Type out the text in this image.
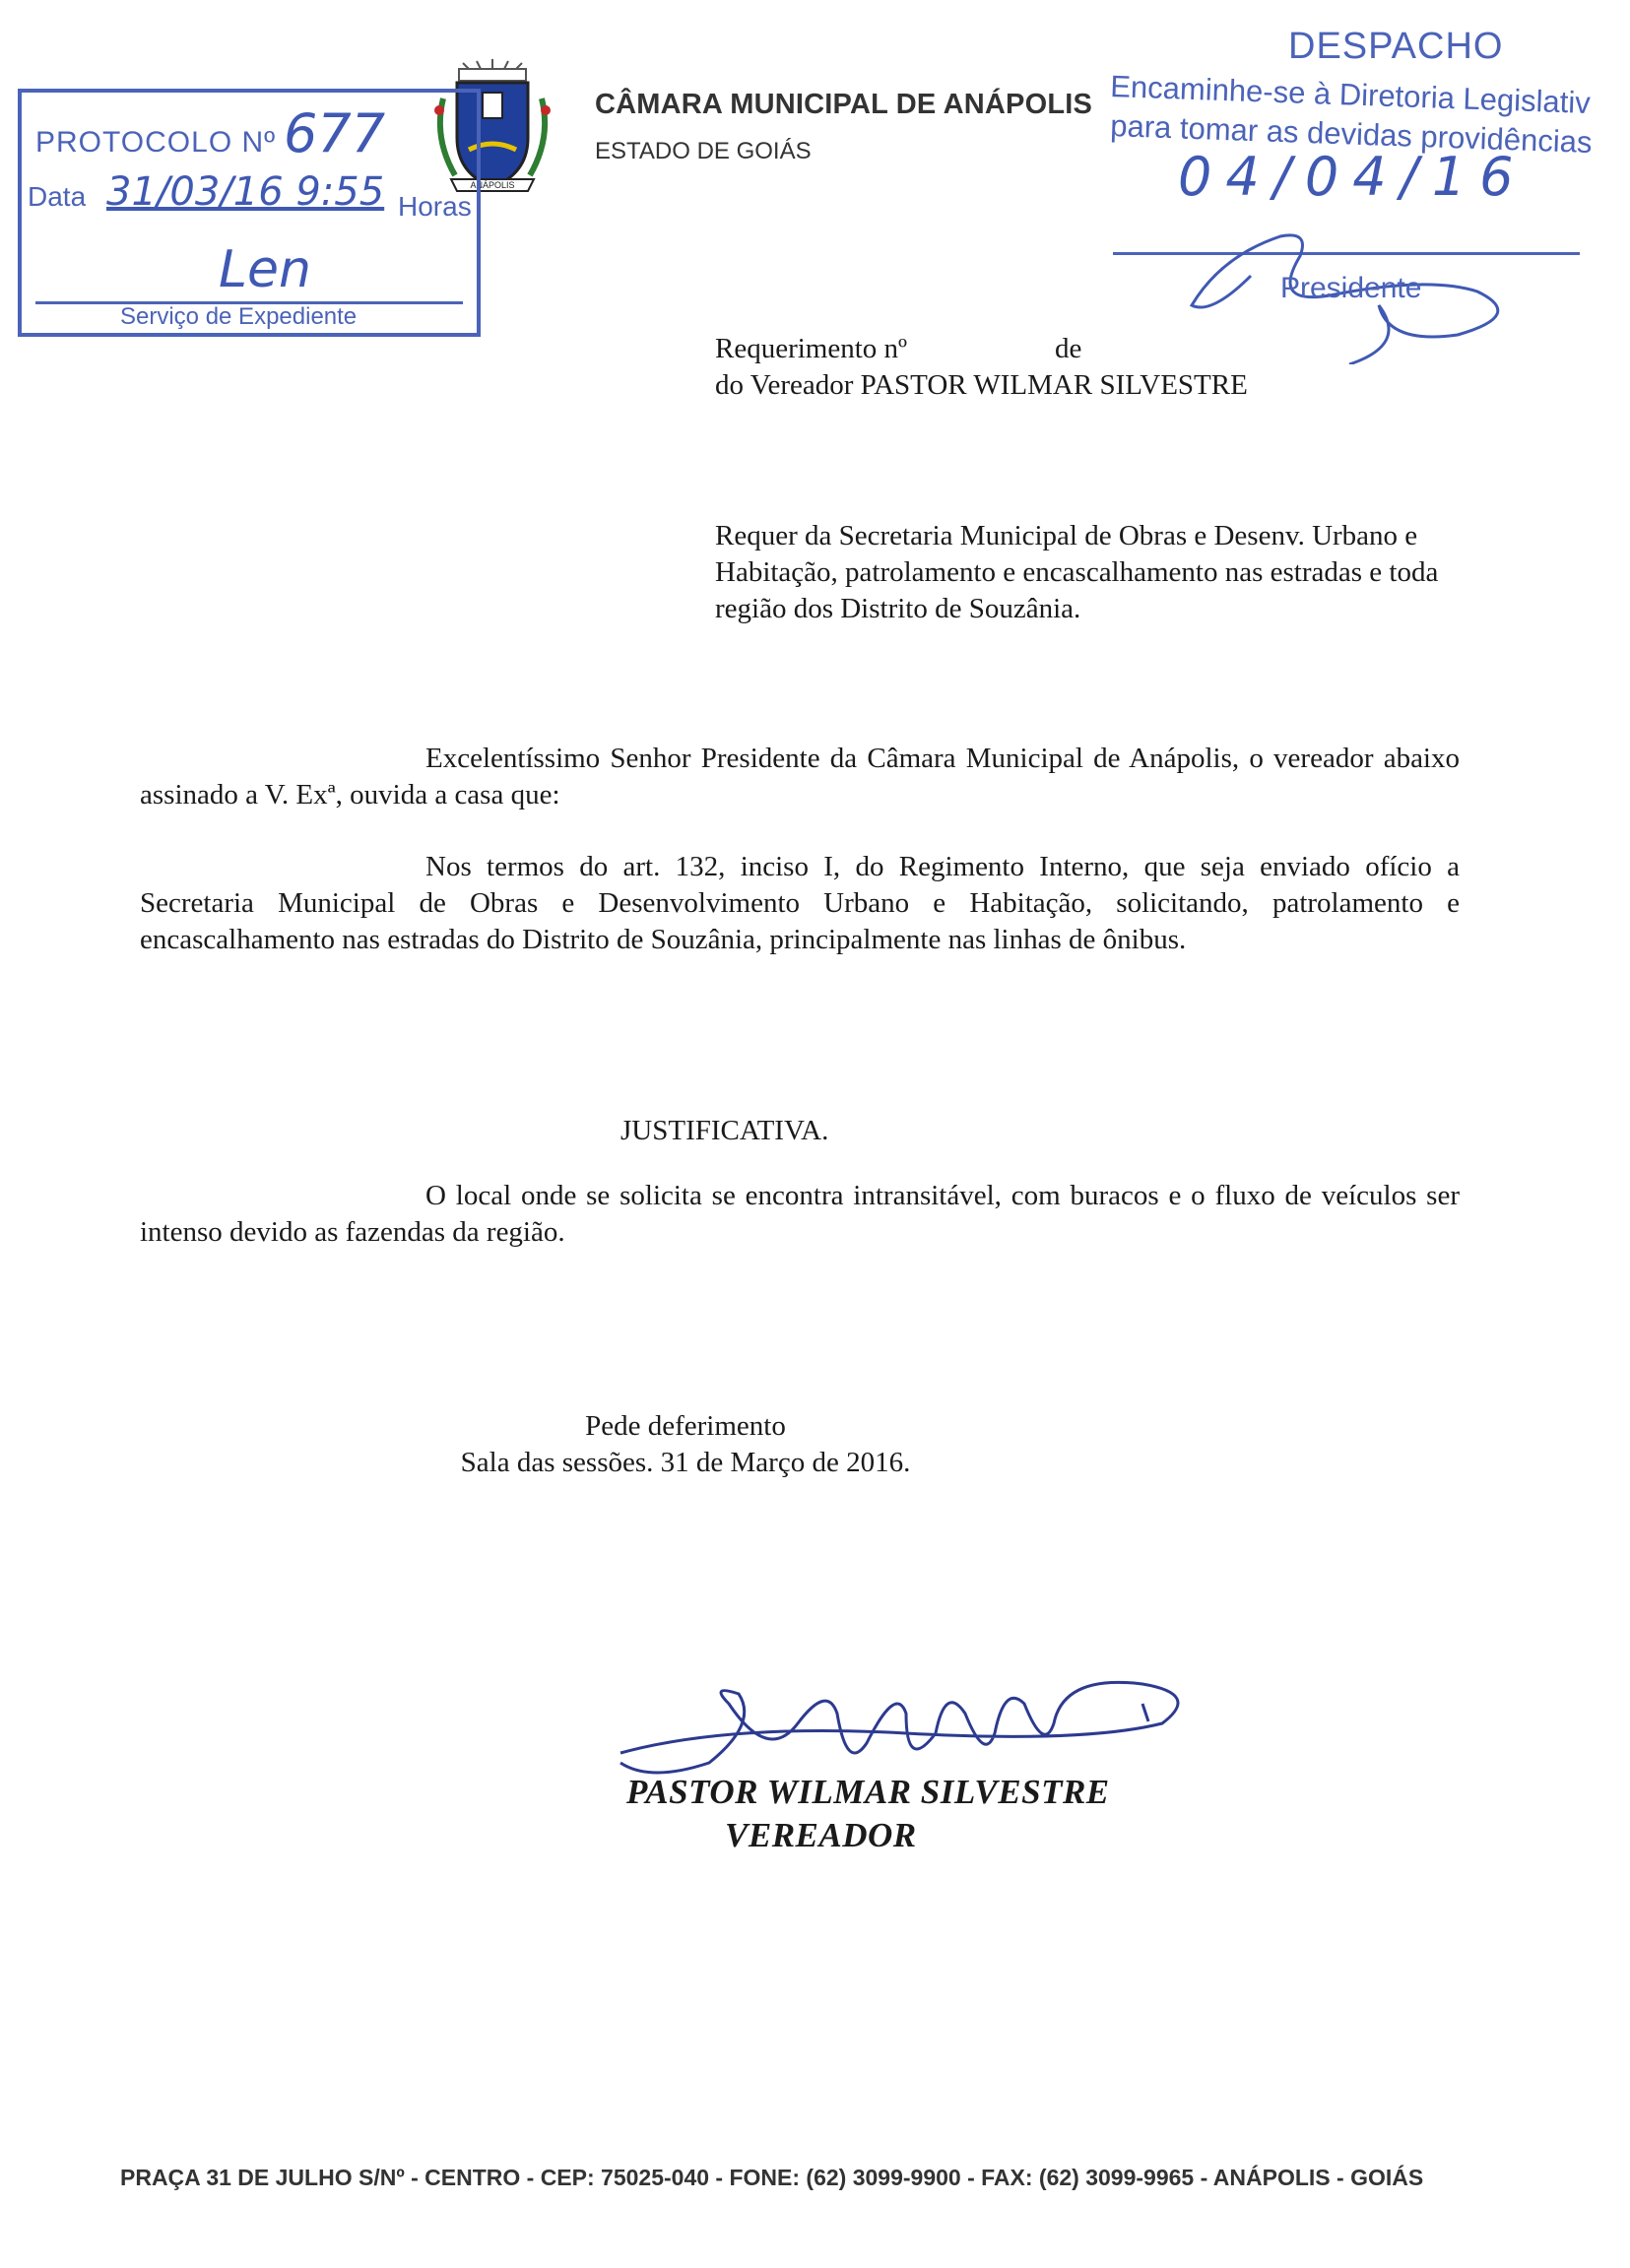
ANÁPOLIS
CÂMARA MUNICIPAL DE ANÁPOLIS
ESTADO DE GOIÁS
PROTOCOLO Nº 677
Data 31/03/16 9:55 Horas
Len
Serviço de Expediente
DESPACHO
Encaminhe-se à Diretoria Legislativ
para tomar as devidas providências
04/04/16
Presidente
Requerimento nº	de
do Vereador PASTOR WILMAR SILVESTRE
Requer da Secretaria Municipal de Obras e Desenv. Urbano e Habitação, patrolamento e encascalhamento nas estradas e toda região dos Distrito de Souzânia.
Excelentíssimo Senhor Presidente da Câmara Municipal de Anápolis, o vereador abaixo assinado a V. Exª, ouvida a casa que:
Nos termos do art. 132, inciso I, do Regimento Interno, que seja enviado ofício a Secretaria Municipal de Obras e Desenvolvimento Urbano e Habitação, solicitando, patrolamento e encascalhamento nas estradas do Distrito de Souzânia, principalmente nas linhas de ônibus.
JUSTIFICATIVA.
O local onde se solicita se encontra intransitável, com buracos e o fluxo de veículos ser intenso devido as fazendas da região.
Pede deferimento
Sala das sessões. 31 de Março de 2016.
PASTOR WILMAR SILVESTRE
VEREADOR
PRAÇA 31 DE JULHO S/Nº - CENTRO - CEP: 75025-040 - FONE: (62) 3099-9900 - FAX: (62) 3099-9965 - ANÁPOLIS - GOIÁS
